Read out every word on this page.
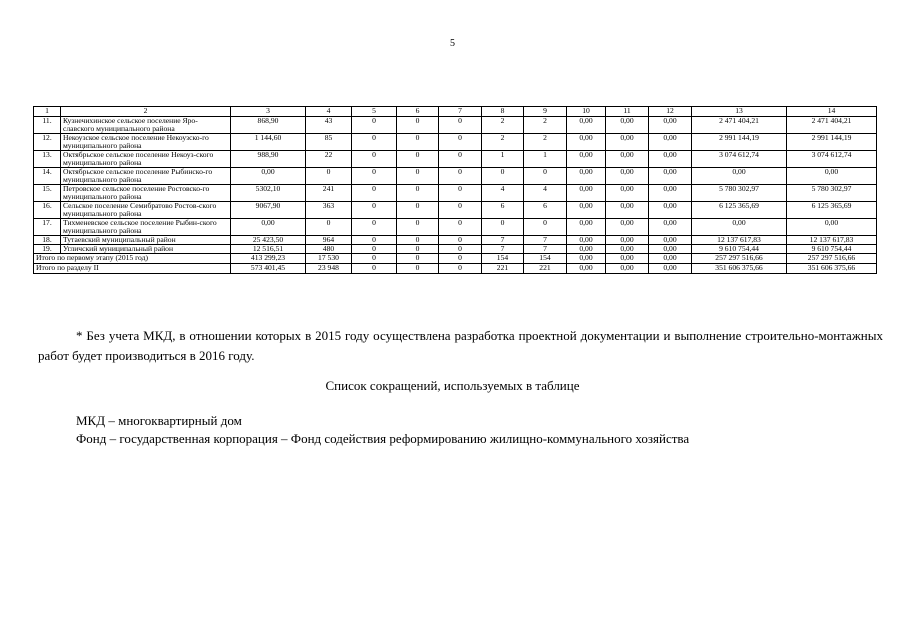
5
1	2	3	4	5	6	7	8	9	10	11	12	13	14
11.	Кузнечихинское сельское поселение Яро-славского муниципального района	868,90	43	0	0	0	2	2	0,00	0,00	0,00	2 471 404,21	2 471 404,21
12.	Некоузское сельское поселение Некоузско-го муниципального района	1 144,60	85	0	0	0	2	2	0,00	0,00	0,00	2 991 144,19	2 991 144,19
13.	Октябрьское сельское поселение Некоуз-ского муниципального района	988,90	22	0	0	0	1	1	0,00	0,00	0,00	3 074 612,74	3 074 612,74
14.	Октябрьское сельское поселение Рыбинско-го муниципального района	0,00	0	0	0	0	0	0	0,00	0,00	0,00	0,00	0,00
15.	Петровское сельское поселение Ростовско-го муниципального района	5302,10	241	0	0	0	4	4	0,00	0,00	0,00	5 780 302,97	5 780 302,97
16.	Сельское поселение Семибратово Ростов-ского муниципального района	9067,90	363	0	0	0	6	6	0,00	0,00	0,00	6 125 365,69	6 125 365,69
17.	Тихменевское сельское поселение Рыбин-ского муниципального района	0,00	0	0	0	0	0	0	0,00	0,00	0,00	0,00	0,00
18.	Тутаевский муниципальный район	25 423,50	964	0	0	0	7	7	0,00	0,00	0,00	12 137 617,83	12 137 617,83
19.	Угличский муниципальный район	12 516,51	480	0	0	0	7	7	0,00	0,00	0,00	9 610 754,44	9 610 754,44
Итого по первому этапу (2015 год)		413 299,23	17 530	0	0	0	154	154	0,00	0,00	0,00	257 297 516,66	257 297 516,66
Итого по разделу II		573 401,45	23 948	0	0	0	221	221	0,00	0,00	0,00	351 606 375,66	351 606 375,66

* Без учета МКД, в отношении которых в 2015 году осуществлена разработка проектной документации и выполнение строительно-монтажных работ будет производиться в 2016 году.

Список сокращений, используемых в таблице

МКД – многоквартирный дом

Фонд – государственная корпорация – Фонд содействия реформированию жилищно-коммунального хозяйства
